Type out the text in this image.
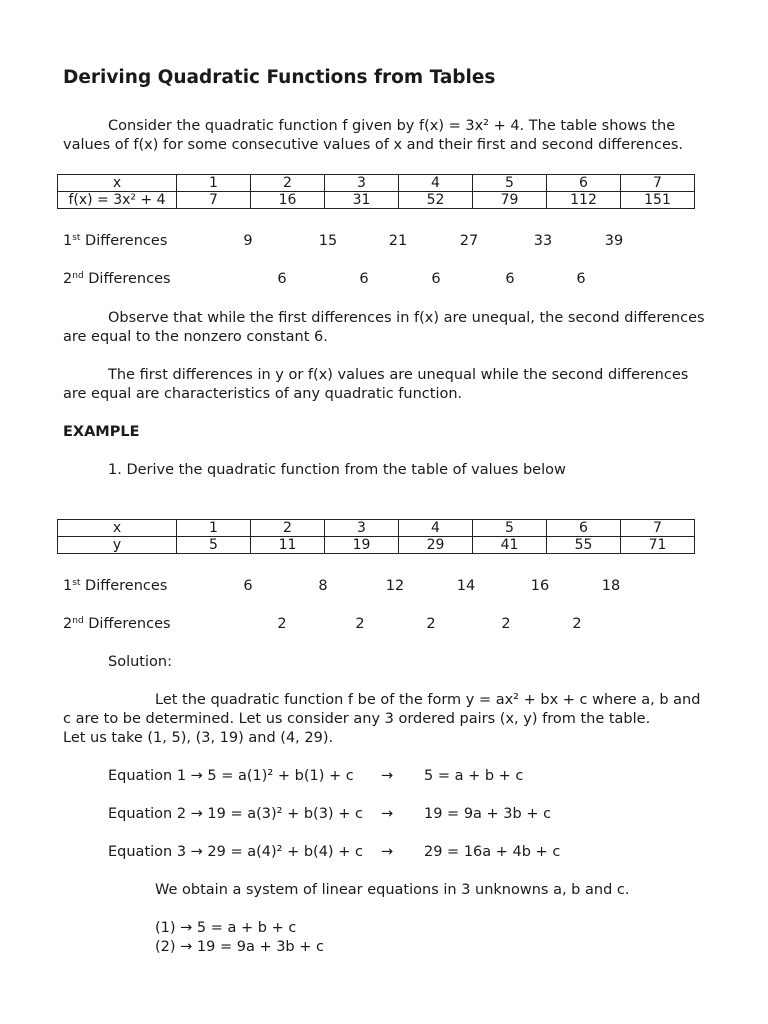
Deriving Quadratic Functions from Tables
Consider the quadratic function f given by f(x) = 3x² + 4. The table shows the
values of f(x) for some consecutive values of x and their first and second differences.
x	1	2	3	4	5	6	7
f(x) = 3x² + 4	7	16	31	52	79	112	151
1st Differences	9	15	21	27	33	39
2nd Differences	6	6	6	6	6
Observe that while the first differences in f(x) are unequal, the second differences
are equal to the nonzero constant 6.
The first differences in y or f(x) values are unequal while the second differences
are equal are characteristics of any quadratic function.
EXAMPLE
1. Derive the quadratic function from the table of values below
x	1	2	3	4	5	6	7
y	5	11	19	29	41	55	71
1st Differences	6	8	12	14	16	18
2nd Differences	2	2	2	2	2
Solution:
Let the quadratic function f be of the form y = ax² + bx + c where a, b and
c are to be determined. Let us consider any 3 ordered pairs (x, y) from the table.
Let us take (1, 5), (3, 19) and (4, 29).
Equation 1 → 5 = a(1)² + b(1) + c → 5 = a + b + c
Equation 2 → 19 = a(3)² + b(3) + c → 19 = 9a + 3b + c
Equation 3 → 29 = a(4)² + b(4) + c → 29 = 16a + 4b + c
We obtain a system of linear equations in 3 unknowns a, b and c.
(1) → 5 = a + b + c
(2) → 19 = 9a + 3b + c
